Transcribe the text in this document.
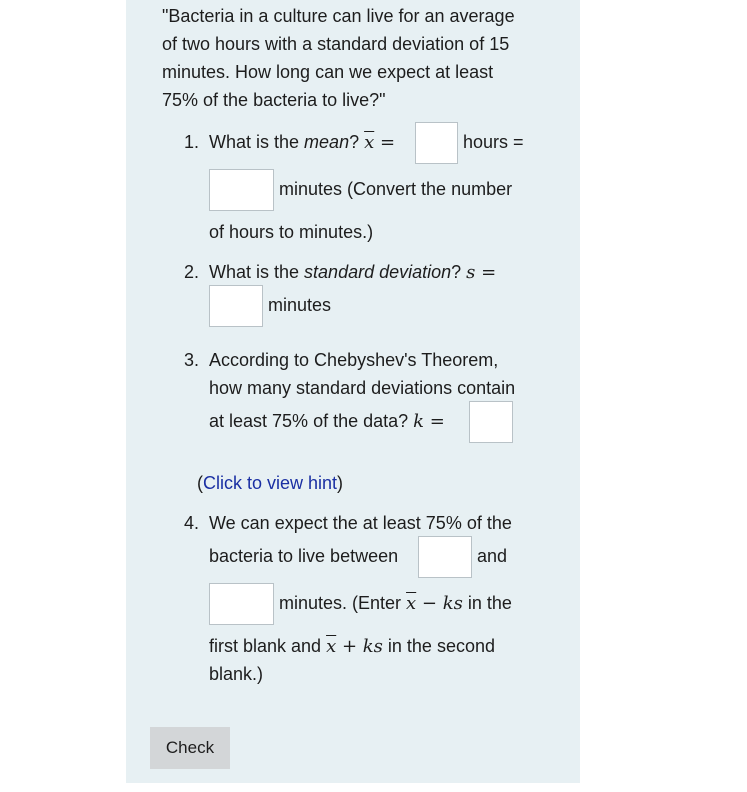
"Bacteria in a culture can live for an average
of two hours with a standard deviation of 15
minutes. How long can we expect at least
75% of the bacteria to live?"
1. What is the mean? $\overline{x}$ =	hours =
minutes (Convert the number
of hours to minutes.)
2. What is the standard deviation? s =
minutes
3. According to Chebyshev's Theorem,
how many standard deviations contain
at least 75% of the data? k =
(Click to view hint)
4. We can expect the at least 75% of the
bacteria to live between	and
minutes. (Enter $\overline{x}$ − ks in the
first blank and $\overline{x}$ + ks in the second
blank.)
Check
